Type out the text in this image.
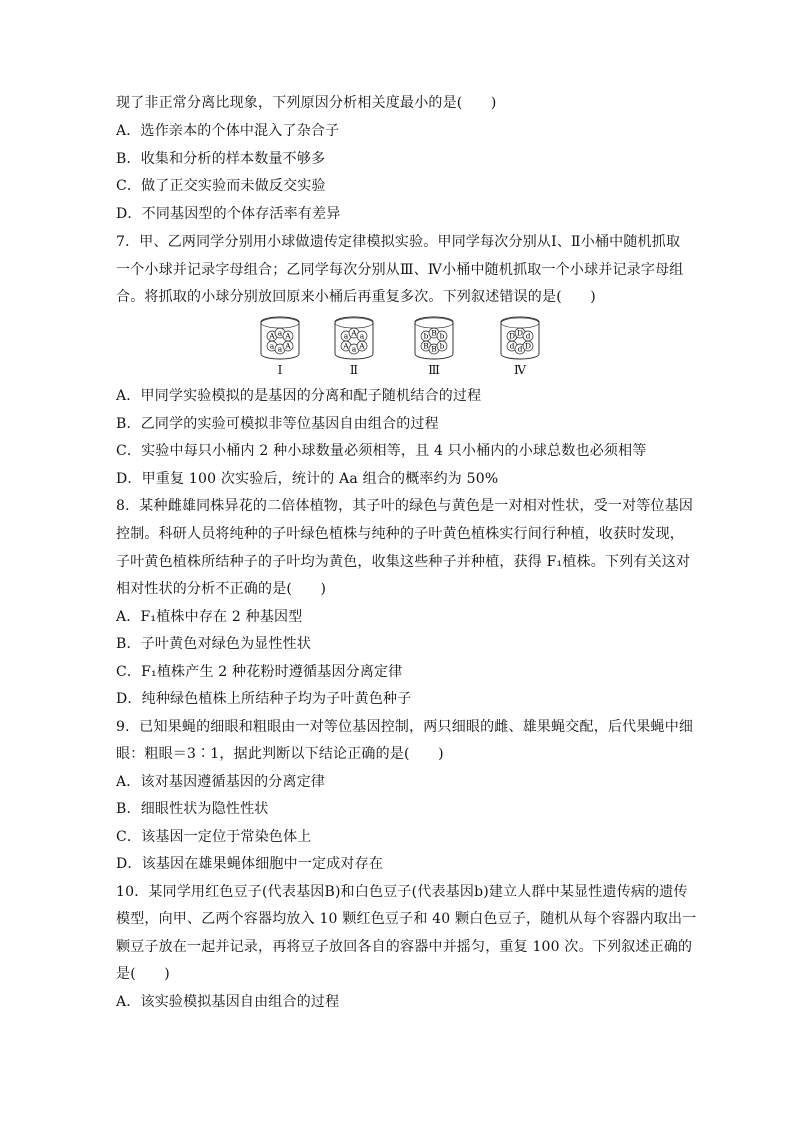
现了非正常分离比现象，下列原因分析相关度最小的是(　　)
A．选作亲本的个体中混入了杂合子
B．收集和分析的样本数量不够多
C．做了正交实验而未做反交实验
D．不同基因型的个体存活率有差异
7．甲、乙两同学分别用小球做遗传定律模拟实验。甲同学每次分别从Ⅰ、Ⅱ小桶中随机抓取
一个小球并记录字母组合；乙同学每次分别从Ⅲ、Ⅳ小桶中随机抓取一个小球并记录字母组
合。将抓取的小球分别放回原来小桶后再重复多次。下列叙述错误的是(　　)
A a A
a a A
Ⅰ
a A a
A a A
Ⅱ
b B b
B B b
Ⅲ
D D d
d d D
Ⅳ
A．甲同学实验模拟的是基因的分离和配子随机结合的过程
B．乙同学的实验可模拟非等位基因自由组合的过程
C．实验中每只小桶内 2 种小球数量必须相等，且 4 只小桶内的小球总数也必须相等
D．甲重复 100 次实验后，统计的 Aa 组合的概率约为 50%
8．某种雌雄同株异花的二倍体植物，其子叶的绿色与黄色是一对相对性状，受一对等位基因
控制。科研人员将纯种的子叶绿色植株与纯种的子叶黄色植株实行间行种植，收获时发现，
子叶黄色植株所结种子的子叶均为黄色，收集这些种子并种植，获得 F₁植株。下列有关这对
相对性状的分析不正确的是(　　)
A．F₁植株中存在 2 种基因型
B．子叶黄色对绿色为显性性状
C．F₁植株产生 2 种花粉时遵循基因分离定律
D．纯种绿色植株上所结种子均为子叶黄色种子
9．已知果蝇的细眼和粗眼由一对等位基因控制，两只细眼的雌、雄果蝇交配，后代果蝇中细
眼：粗眼＝3∶1，据此判断以下结论正确的是(　　)
A．该对基因遵循基因的分离定律
B．细眼性状为隐性性状
C．该基因一定位于常染色体上
D．该基因在雄果蝇体细胞中一定成对存在
10．某同学用红色豆子(代表基因B)和白色豆子(代表基因b)建立人群中某显性遗传病的遗传
模型，向甲、乙两个容器均放入 10 颗红色豆子和 40 颗白色豆子，随机从每个容器内取出一
颗豆子放在一起并记录，再将豆子放回各自的容器中并摇匀，重复 100 次。下列叙述正确的
是(　　)
A．该实验模拟基因自由组合的过程
